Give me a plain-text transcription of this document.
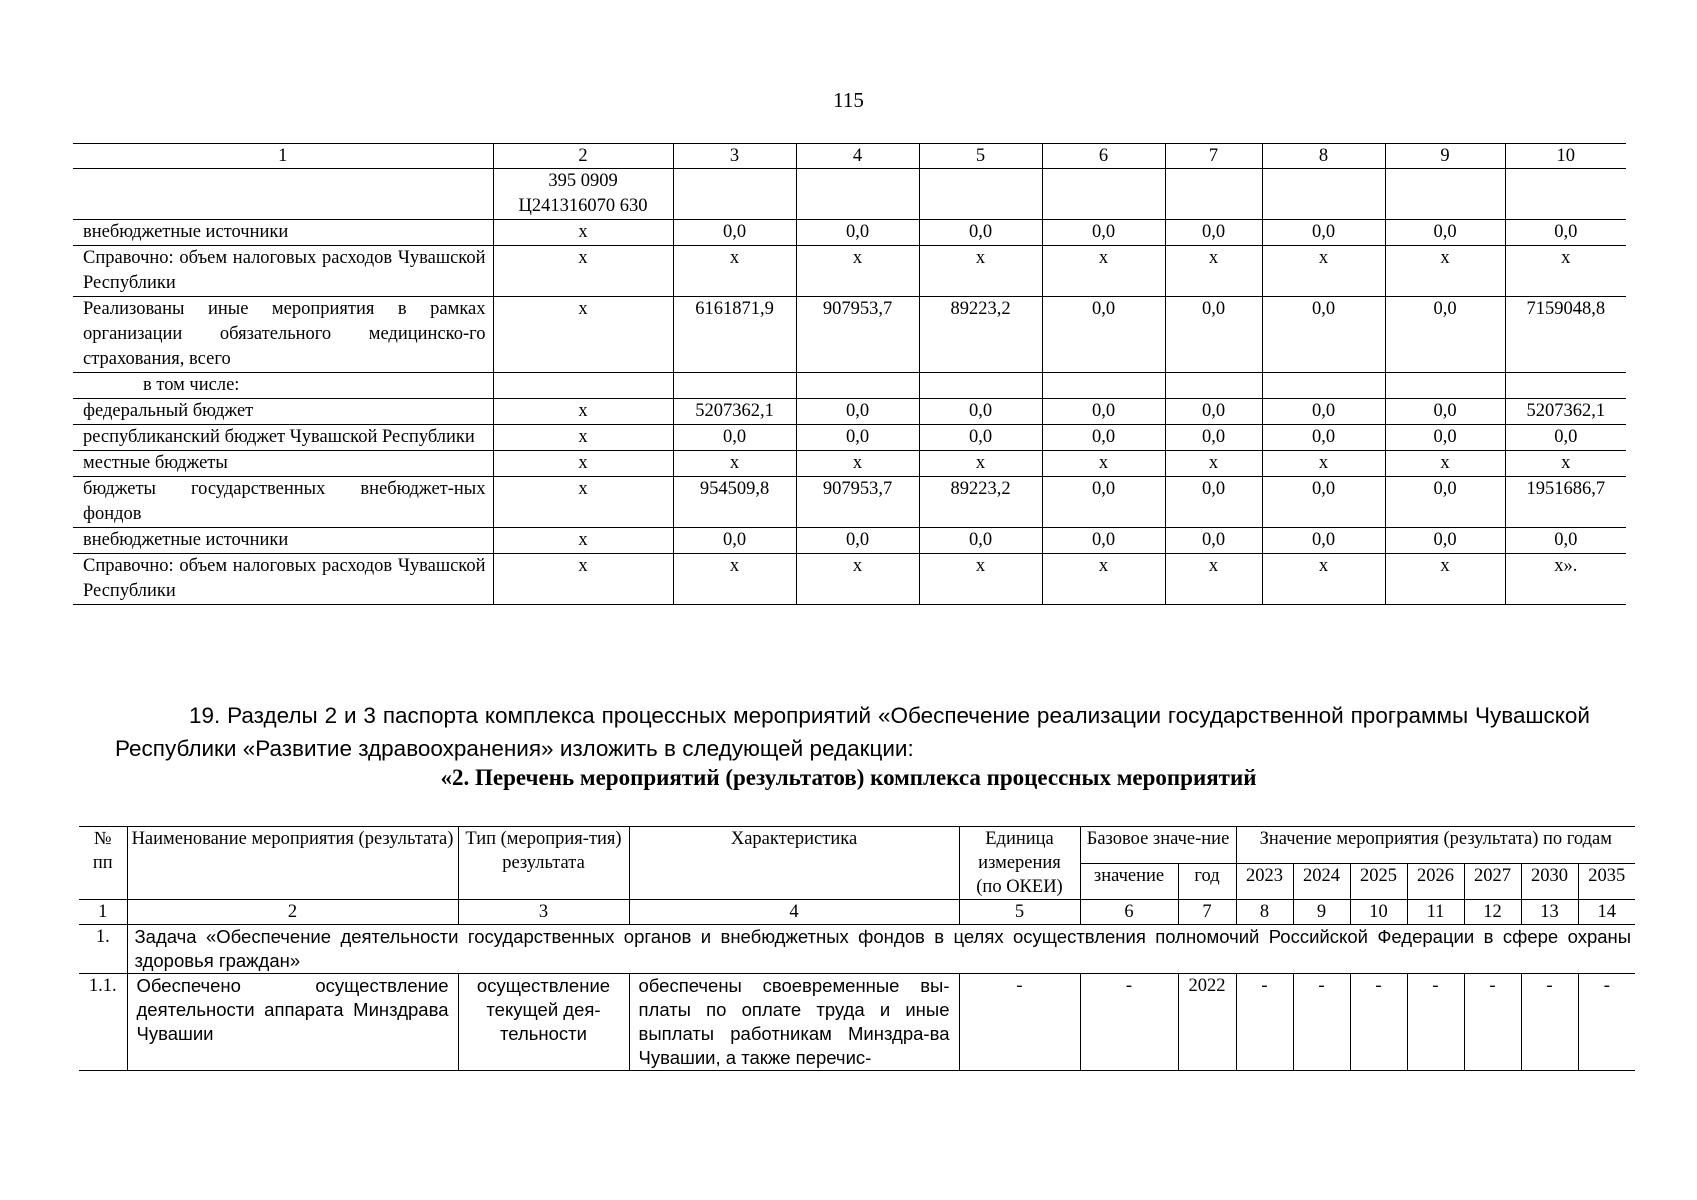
115
1	2	3	4	5	6	7	8	9	10

	395 0909
Ц241316070 630								

внебюджетные источники	x	0,0	0,0	0,0	0,0	0,0	0,0	0,0	0,0
Справочно: объем налоговых расходов Чувашской Республики	x	x	x	x	x	x	x	x	x
Реализованы иные мероприятия в рамках организации обязательного медицинско-го страхования, всего	x	6161871,9	907953,7	89223,2	0,0	0,0	0,0	0,0	7159048,8
в том числе:									
федеральный бюджет	x	5207362,1	0,0	0,0	0,0	0,0	0,0	0,0	5207362,1
республиканский бюджет Чувашской Республики	x	0,0	0,0	0,0	0,0	0,0	0,0	0,0	0,0
местные бюджеты	x	x	x	x	x	x	x	x	x
бюджеты государственных внебюджет-ных фондов	x	954509,8	907953,7	89223,2	0,0	0,0	0,0	0,0	1951686,7
внебюджетные источники	x	0,0	0,0	0,0	0,0	0,0	0,0	0,0	0,0
Справочно: объем налоговых расходов Чувашской Республики	x	x	x	x	x	x	x	x	x».

19. Разделы 2 и 3 паспорта комплекса процессных мероприятий «Обеспечение реализации государственной программы Чувашской Республики «Развитие здравоохранения» изложить в следующей редакции:

«2. Перечень мероприятий (результатов) комплекса процессных мероприятий
№ пп	Наименование мероприятия (результата)	Тип (мероприя-тия) результата	Характеристика	Единица измерения (по ОКЕИ)	Базовое значе-ние		Значение мероприятия (результата) по годам						

					значение	год	2023	2024	2025	2026	2027	2030	2035
1	2	3	4	5	6	7	8	9	10	11	12	13	14
1.	Задача «Обеспечение деятельности государственных органов и внебюджетных фондов в целях осуществления полномочий Российской Федерации в сфере охраны здоровья граждан»												
1.1.	Обеспечено осуществление деятельности аппарата Минздрава Чувашии	осуществление текущей дея-тельности	обеспечены своевременные вы-платы по оплате труда и иные выплаты работникам Минздра-ва Чувашии, а также перечис-	-	-	2022	-	-	-	-	-	-	-
